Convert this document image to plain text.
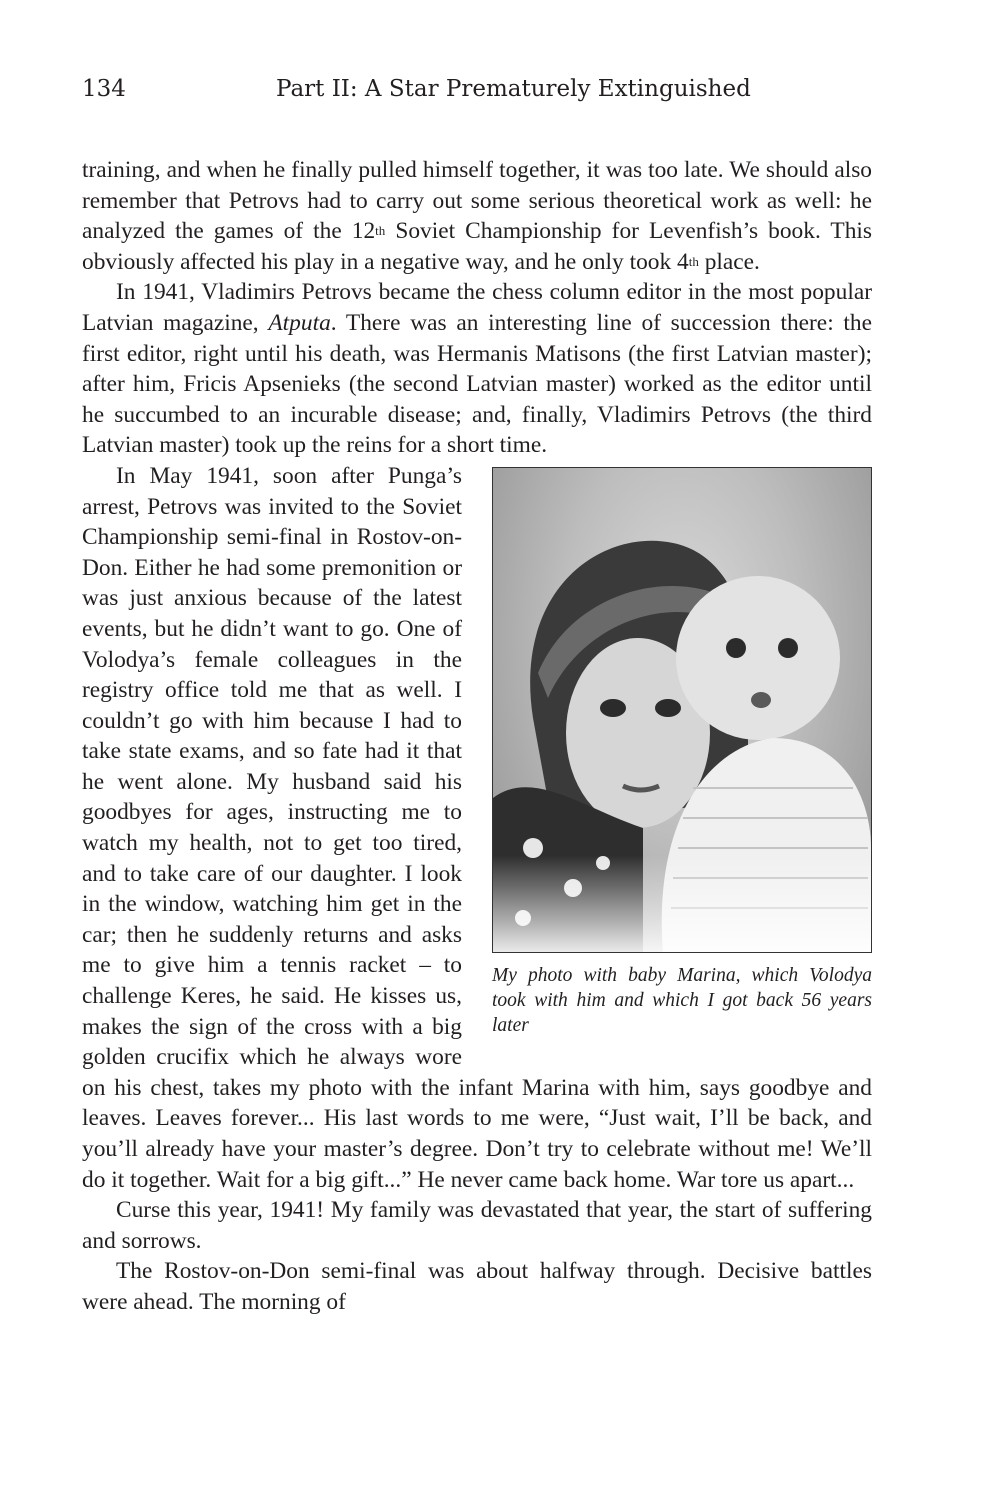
134	Part II: A Star Prematurely Extinguished

training, and when he finally pulled himself together, it was too late. We should also remember that Petrovs had to carry out some serious theoretical work as well: he analyzed the games of the 12th Soviet Championship for Levenfish’s book. This obviously affected his play in a negative way, and he only took 4th place.

In 1941, Vladimirs Petrovs became the chess column editor in the most popular Latvian magazine, Atputa. There was an interesting line of succession there: the first editor, right until his death, was Hermanis Matisons (the first Latvian master); after him, Fricis Apsenieks (the second Latvian master) worked as the editor until he succumbed to an incurable disease; and, finally, Vladimirs Petrovs (the third Latvian master) took up the reins for a short time.

My photo with baby Marina, which Volodya took with him and which I got back 56 years later

In May 1941, soon after Punga’s arrest, Petrovs was invited to the Soviet Championship semi-final in Rostov-on-Don. Either he had some premonition or was just anxious because of the latest events, but he didn’t want to go. One of Volodya’s female colleagues in the registry office told me that as well. I couldn’t go with him because I had to take state exams, and so fate had it that he went alone. My husband said his goodbyes for ages, instructing me to watch my health, not to get too tired, and to take care of our daughter. I look in the window, watching him get in the car; then he suddenly returns and asks me to give him a tennis racket – to challenge Keres, he said. He kisses us, makes the sign of the cross with a big golden crucifix which he always wore on his chest, takes my photo with the infant Marina with him, says goodbye and leaves. Leaves forever... His last words to me were, “Just wait, I’ll be back, and you’ll already have your master’s degree. Don’t try to celebrate without me! We’ll do it together. Wait for a big gift...” He never came back home. War tore us apart...

Curse this year, 1941! My family was devastated that year, the start of suffering and sorrows.

The Rostov-on-Don semi-final was about halfway through. Decisive battles were ahead. The morning of
